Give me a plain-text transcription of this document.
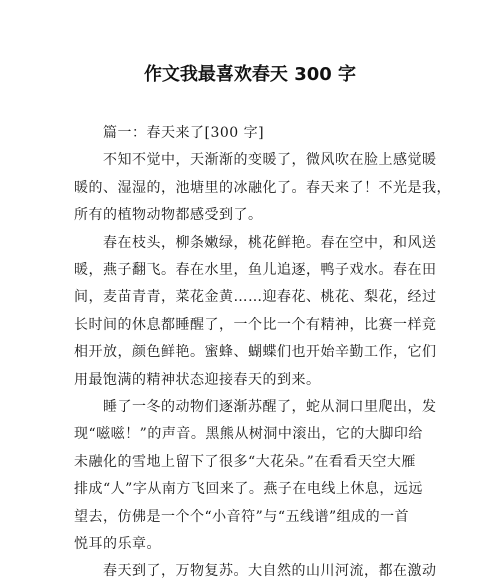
作文我最喜欢春天 300 字
篇一：春天来了[300 字]
不知不觉中，天渐渐的变暖了，微风吹在脸上感觉暖
暖的、湿湿的，池塘里的冰融化了。春天来了！不光是我，
所有的植物动物都感受到了。
春在枝头，柳条嫩绿，桃花鲜艳。春在空中，和风送
暖，燕子翻飞。春在水里，鱼儿追逐，鸭子戏水。春在田
间，麦苗青青，菜花金黄……迎春花、桃花、梨花，经过
长时间的休息都睡醒了，一个比一个有精神，比赛一样竞
相开放，颜色鲜艳。蜜蜂、蝴蝶们也开始辛勤工作，它们
用最饱满的精神状态迎接春天的到来。
睡了一冬的动物们逐渐苏醒了，蛇从洞口里爬出，发
现“嗞嗞！”的声音。黑熊从树洞中滚出，它的大脚印给
未融化的雪地上留下了很多“大花朵。”在看看天空大雁
排成“人”字从南方飞回来了。燕子在电线上休息，远远
望去，仿佛是一个个“小音符”与“五线谱”组成的一首
悦耳的乐章。
春天到了，万物复苏。大自然的山川河流，都在激动
